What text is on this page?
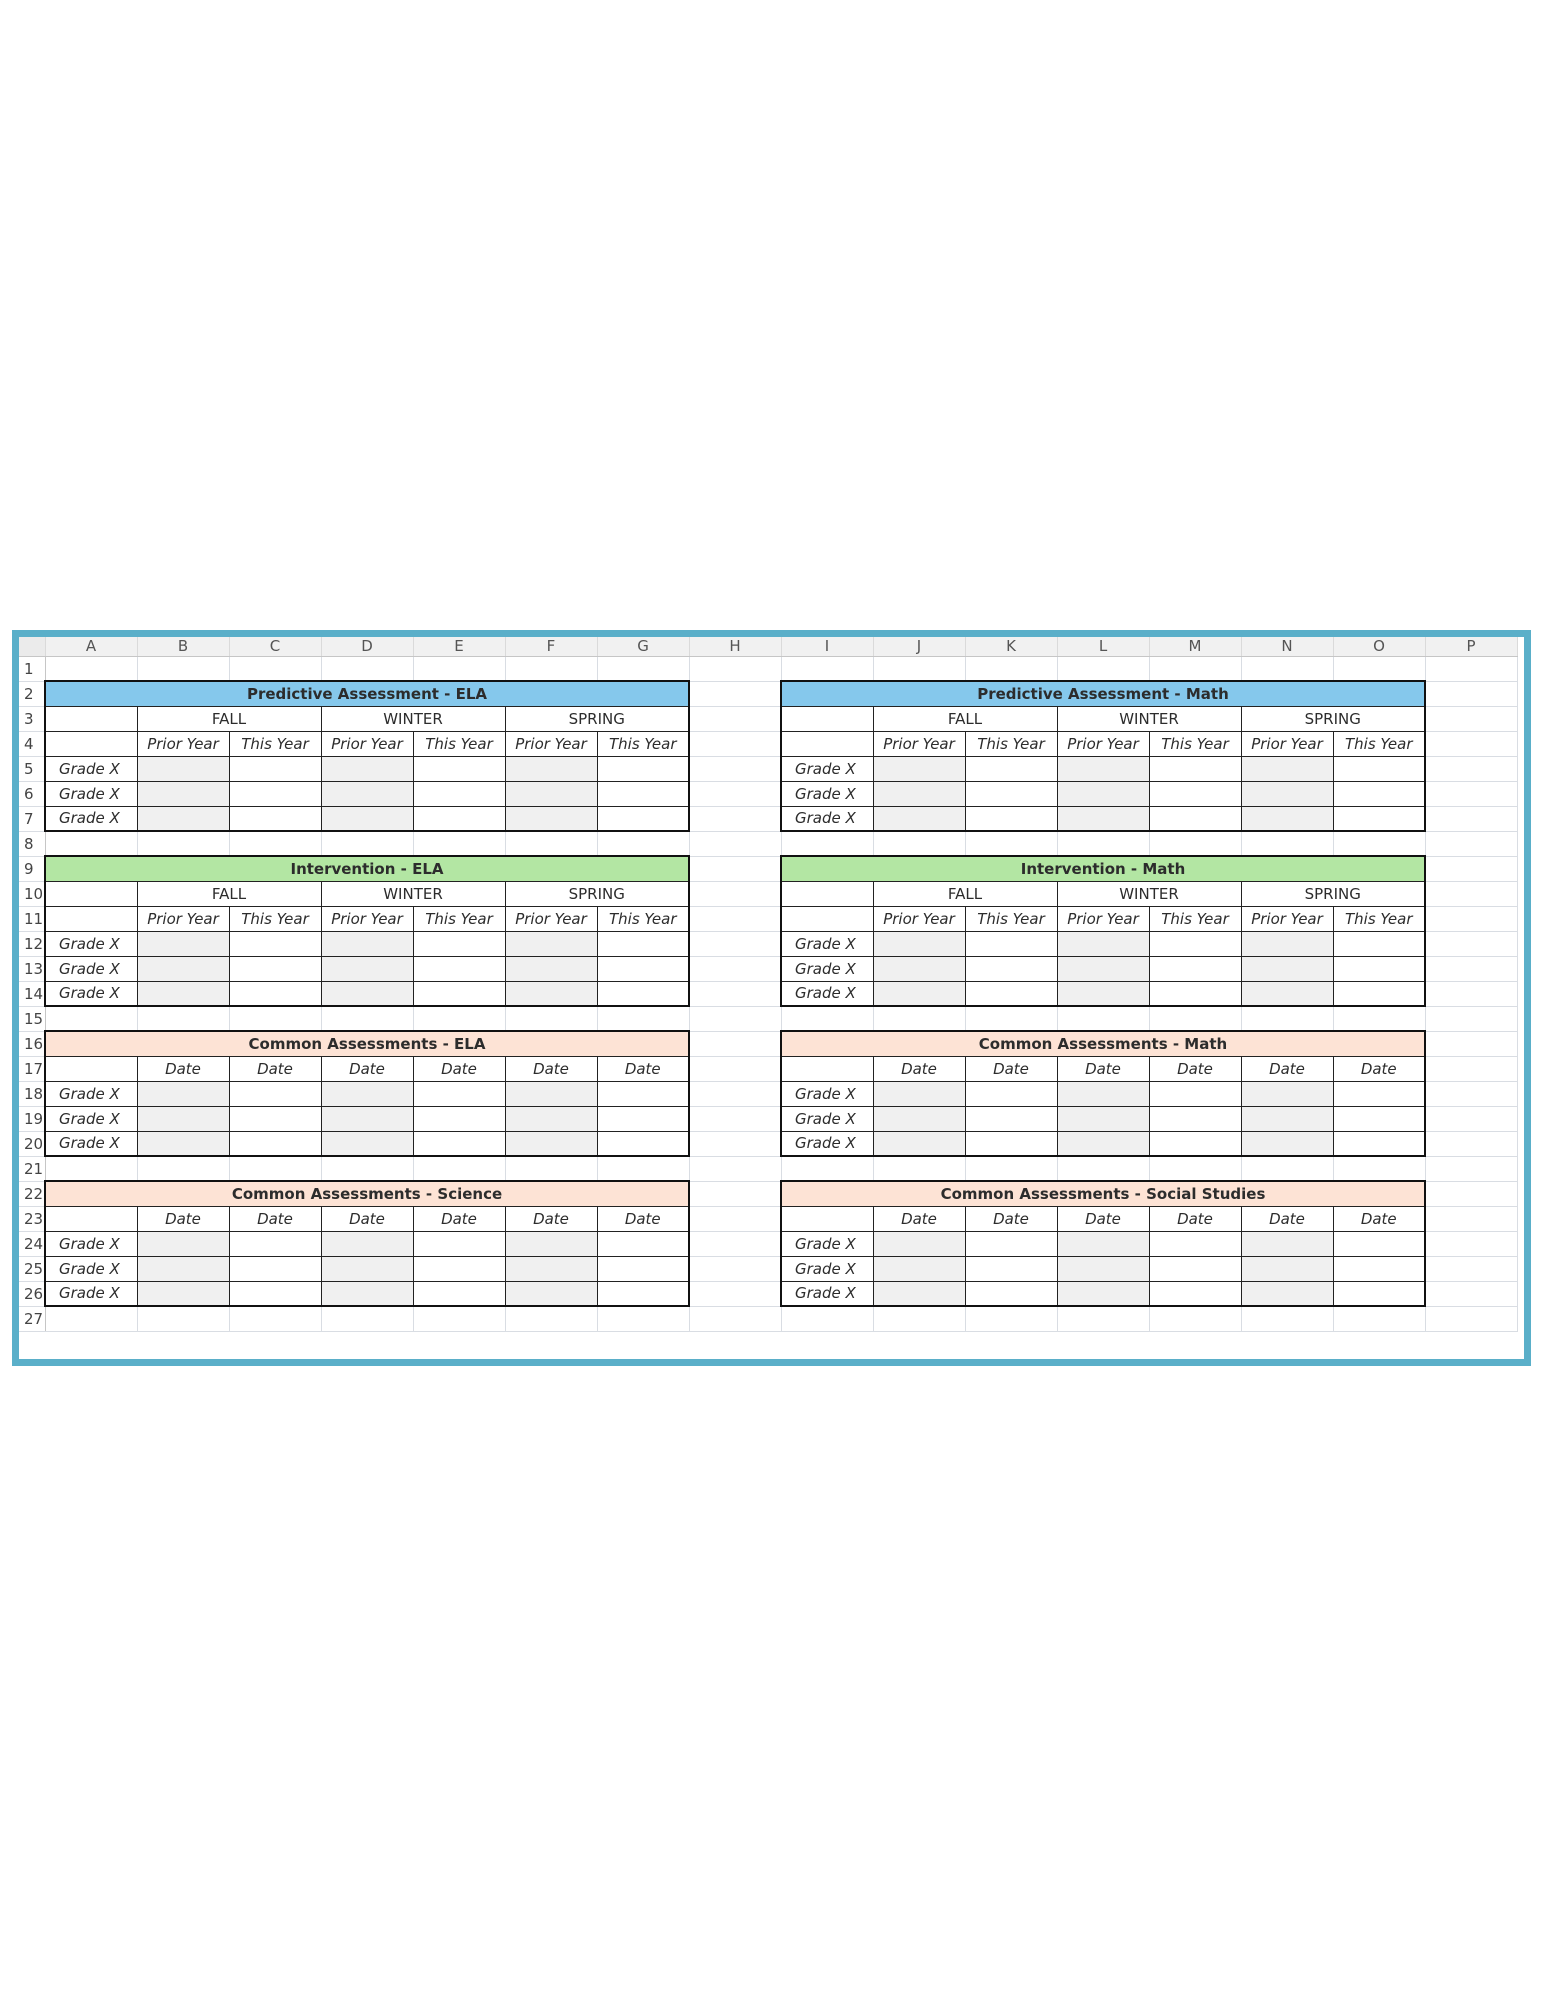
	A	B	C	D	E	F	G	H	I	J	K	L	M	N	O	P
1																
2	Predictive Assessment - ELA								Predictive Assessment - Math							
3		FALL		WINTER		SPRING				FALL		WINTER		SPRING		
4		Prior Year	This Year	Prior Year	This Year	Prior Year	This Year			Prior Year	This Year	Prior Year	This Year	Prior Year	This Year	
5	Grade X								Grade X							
6	Grade X								Grade X							
7	Grade X								Grade X							
8																
9	Intervention - ELA								Intervention - Math							
10		FALL		WINTER		SPRING				FALL		WINTER		SPRING		
11		Prior Year	This Year	Prior Year	This Year	Prior Year	This Year			Prior Year	This Year	Prior Year	This Year	Prior Year	This Year	
12	Grade X								Grade X							
13	Grade X								Grade X							
14	Grade X								Grade X							
15																
16	Common Assessments - ELA								Common Assessments - Math							
17		Date	Date	Date	Date	Date	Date			Date	Date	Date	Date	Date	Date	
18	Grade X								Grade X							
19	Grade X								Grade X							
20	Grade X								Grade X							
21																
22	Common Assessments - Science								Common Assessments - Social Studies							
23		Date	Date	Date	Date	Date	Date			Date	Date	Date	Date	Date	Date	
24	Grade X								Grade X							
25	Grade X								Grade X							
26	Grade X								Grade X							
27																
